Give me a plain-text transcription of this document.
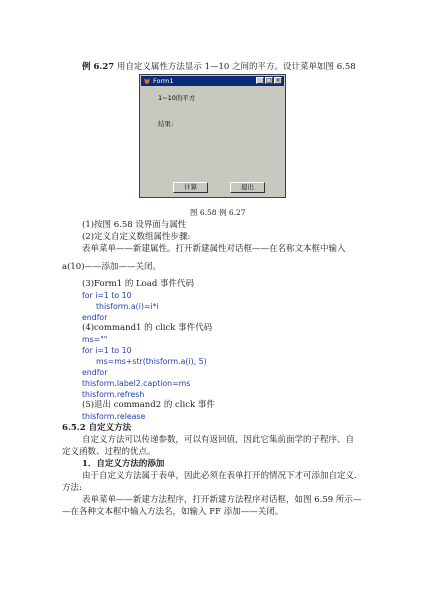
例 6.27 用自定义属性方法显示 1—10 之间的平方。设计菜单如图 6.58
Form1	_ □ ×
1~10的平方
结果：
计算	退出
图 6.58 例 6.27
(1)按图 6.58 设界面与属性
(2)定义自定义数组属性步骤:
表单菜单——新建属性。打开新建属性对话框——在名称文本框中输入
a(10)——添加——关闭。
(3)Form1 的 Load 事件代码
for i=1 to 10
thisform.a(i)=i*i
endfor
(4)command1 的 click 事件代码
ms=""
for i=1 to 10
ms=ms+str(thisform.a(i), 5)
endfor
thisform.label2.caption=ms
thisform.refresh
(5)退出 command2 的 click 事件
thisform.release
6.5.2 自定义方法
自定义方法可以传递参数，可以有返回值，因此它集前面学的子程序、自
定义函数、过程的优点。
1．自定义方法的添加
由于自定义方法属于表单，因此必须在表单打开的情况下才可添加自定义.
方法:
表单菜单——新建方法程序，打开新建方法程序对话框，如图 6.59 所示—
—在各种文本框中输入方法名，如输入 FF 添加——关闭。
